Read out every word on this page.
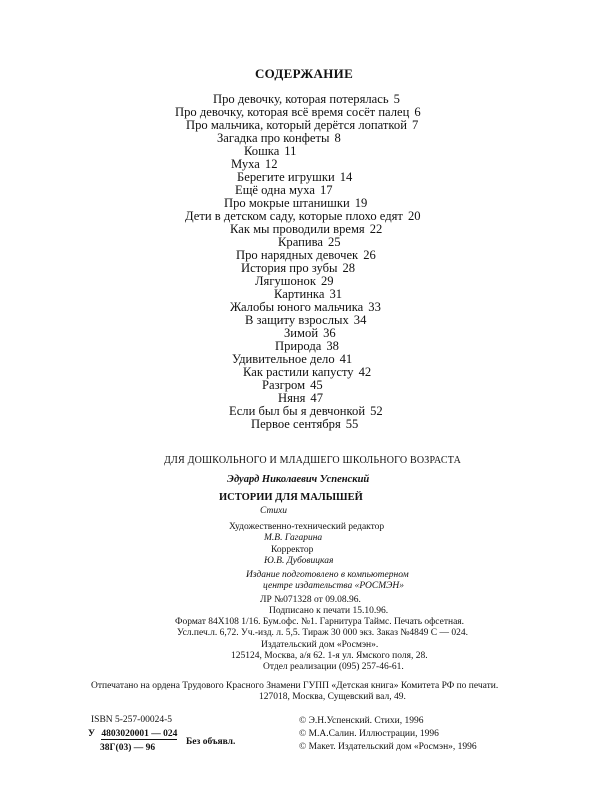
СОДЕРЖАНИЕ
Про девочку, которая потерялась 5
Про девочку, которая всё время сосёт палец 6
Про мальчика, который дерётся лопаткой 7
Загадка про конфеты 8
Кошка 11
Муха 12
Берегите игрушки 14
Ещё одна муха 17
Про мокрые штанишки 19
Дети в детском саду, которые плохо едят 20
Как мы проводили время 22
Крапива 25
Про нарядных девочек 26
История про зубы 28
Лягушонок 29
Картинка 31
Жалобы юного мальчика 33
В защиту взрослых 34
Зимой 36
Природа 38
Удивительное дело 41
Как растили капусту 42
Разгром 45
Няня 47
Если был бы я девчонкой 52
Первое сентября 55
ДЛЯ ДОШКОЛЬНОГО И МЛАДШЕГО ШКОЛЬНОГО ВОЗРАСТА
Эдуард Николаевич Успенский
ИСТОРИИ ДЛЯ МАЛЫШЕЙ
Стихи
Художественно-технический редактор
М.В. Гагарина
Корректор
Ю.В. Дубовицкая
Издание подготовлено в компьютерном
центре издательства «РОСМЭН»
ЛР №071328 от 09.08.96.
Подписано к печати 15.10.96.
Формат 84X108 1/16. Бум.офс. №1. Гарнитура Таймс. Печать офсетная.
Усл.печ.л. 6,72. Уч.-изд. л. 5,5. Тираж 30 000 экз. Заказ №4849 С — 024.
Издательский дом «Росмэн».
125124, Москва, а/я 62. 1-я ул. Ямского поля, 28.
Отдел реализации (095) 257-46-61.
Отпечатано на ордена Трудового Красного Знамени ГУПП «Детская книга» Комитета РФ по печати.
127018, Москва, Сущевский вал, 49.
ISBN 5-257-00024-5
У 4803020001 — 024
38Г(03) — 96
Без объявл.
© Э.Н.Успенский. Стихи, 1996
© М.А.Салин. Иллюстрации, 1996
© Макет. Издательский дом «Росмэн», 1996
